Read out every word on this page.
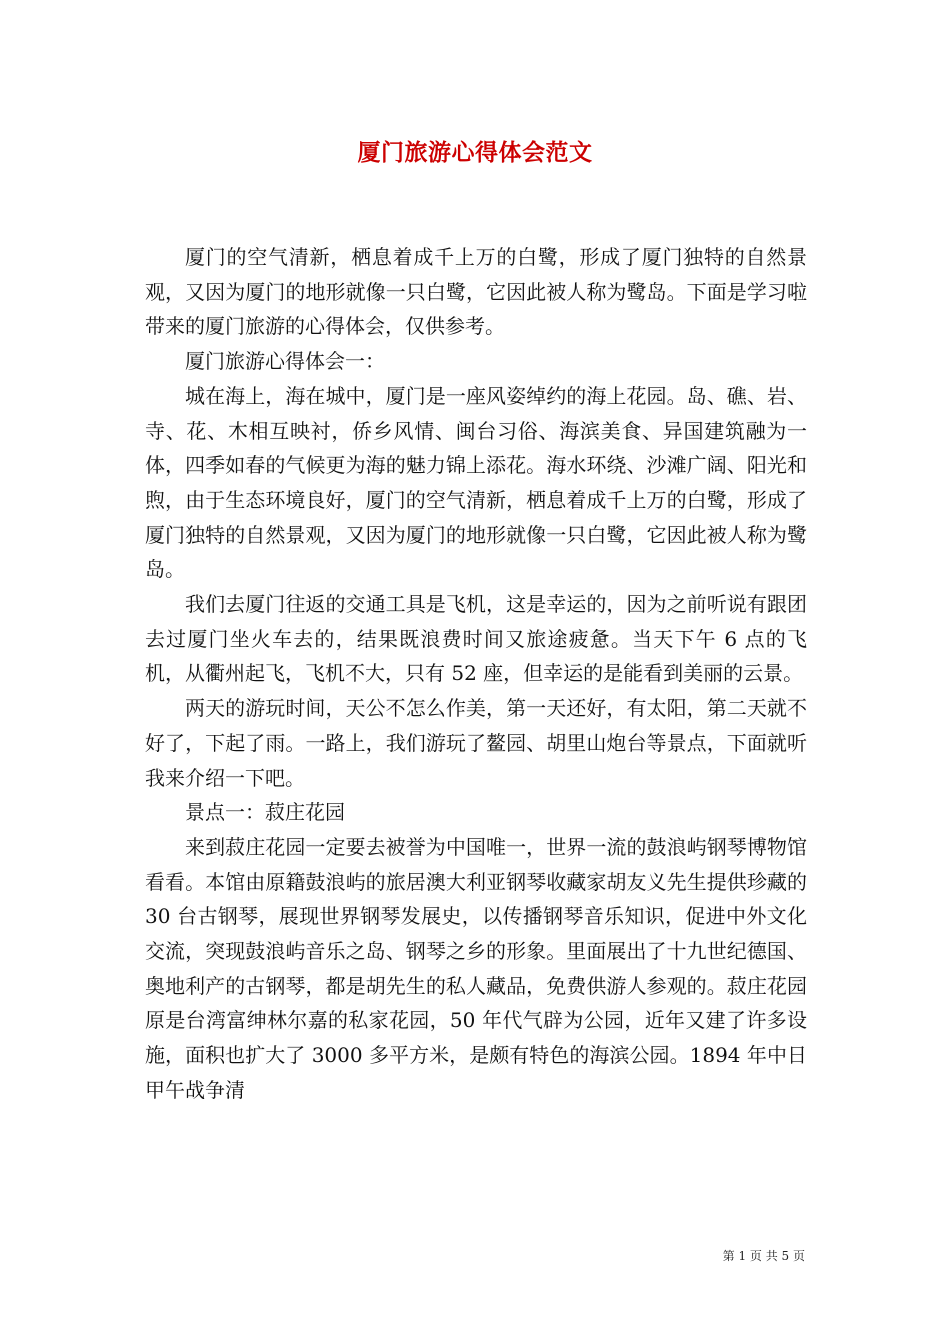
厦门旅游心得体会范文

厦门的空气清新，栖息着成千上万的白鹭，形成了厦门独特的自然景观，又因为厦门的地形就像一只白鹭，它因此被人称为鹭岛。下面是学习啦带来的厦门旅游的心得体会，仅供参考。

厦门旅游心得体会一：

城在海上，海在城中，厦门是一座风姿绰约的海上花园。岛、礁、岩、寺、花、木相互映衬，侨乡风情、闽台习俗、海滨美食、异国建筑融为一体，四季如春的气候更为海的魅力锦上添花。海水环绕、沙滩广阔、阳光和煦，由于生态环境良好，厦门的空气清新，栖息着成千上万的白鹭，形成了厦门独特的自然景观，又因为厦门的地形就像一只白鹭，它因此被人称为鹭岛。

我们去厦门往返的交通工具是飞机，这是幸运的，因为之前听说有跟团去过厦门坐火车去的，结果既浪费时间又旅途疲惫。当天下午 6 点的飞机，从衢州起飞，飞机不大，只有 52 座，但幸运的是能看到美丽的云景。

两天的游玩时间，天公不怎么作美，第一天还好，有太阳，第二天就不好了，下起了雨。一路上，我们游玩了鳌园、胡里山炮台等景点，下面就听我来介绍一下吧。

景点一：菽庄花园

来到菽庄花园一定要去被誉为中国唯一，世界一流的鼓浪屿钢琴博物馆看看。本馆由原籍鼓浪屿的旅居澳大利亚钢琴收藏家胡友义先生提供珍藏的 30 台古钢琴，展现世界钢琴发展史，以传播钢琴音乐知识，促进中外文化交流，突现鼓浪屿音乐之岛、钢琴之乡的形象。里面展出了十九世纪德国、奥地利产的古钢琴，都是胡先生的私人藏品，免费供游人参观的。菽庄花园原是台湾富绅林尔嘉的私家花园，50 年代气辟为公园，近年又建了许多设施，面积也扩大了 3000 多平方米，是颇有特色的海滨公园。1894 年中日甲午战争清

第 1 页 共 5 页
